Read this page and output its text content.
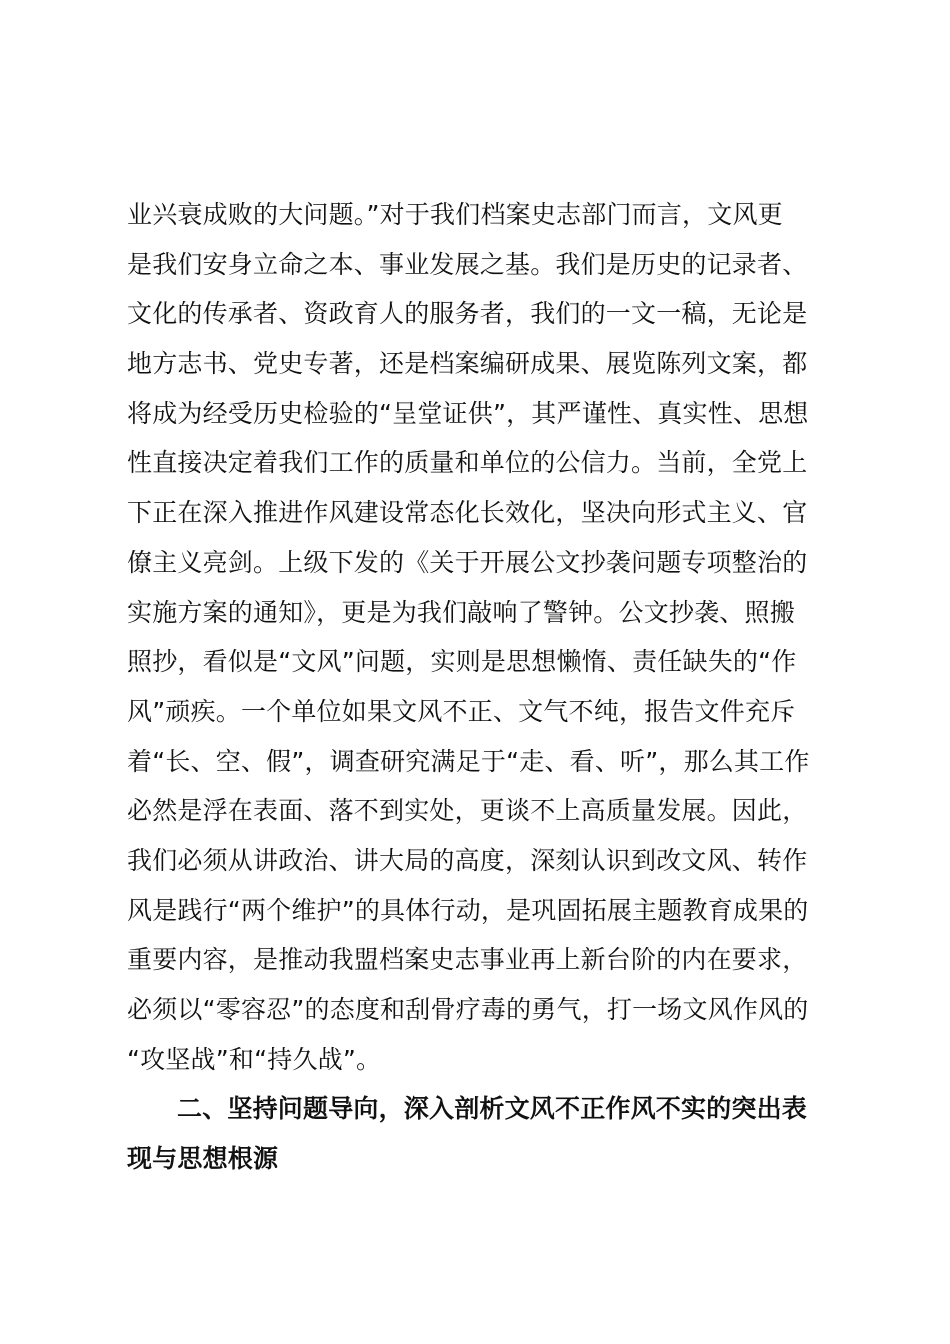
业兴衰成败的大问题。”对于我们档案史志部门而言，文风更
是我们安身立命之本、事业发展之基。我们是历史的记录者、
文化的传承者、资政育人的服务者，我们的一文一稿，无论是
地方志书、党史专著，还是档案编研成果、展览陈列文案，都
将成为经受历史检验的“呈堂证供”，其严谨性、真实性、思想
性直接决定着我们工作的质量和单位的公信力。当前，全党上
下正在深入推进作风建设常态化长效化，坚决向形式主义、官
僚主义亮剑。上级下发的《关于开展公文抄袭问题专项整治的
实施方案的通知》，更是为我们敲响了警钟。公文抄袭、照搬
照抄，看似是“文风”问题，实则是思想懒惰、责任缺失的“作
风”顽疾。一个单位如果文风不正、文气不纯，报告文件充斥
着“长、空、假”，调查研究满足于“走、看、听”，那么其工作
必然是浮在表面、落不到实处，更谈不上高质量发展。因此，
我们必须从讲政治、讲大局的高度，深刻认识到改文风、转作
风是践行“两个维护”的具体行动，是巩固拓展主题教育成果的
重要内容，是推动我盟档案史志事业再上新台阶的内在要求，
必须以“零容忍”的态度和刮骨疗毒的勇气，打一场文风作风的
“攻坚战”和“持久战”。
二、坚持问题导向，深入剖析文风不正作风不实的突出表
现与思想根源
